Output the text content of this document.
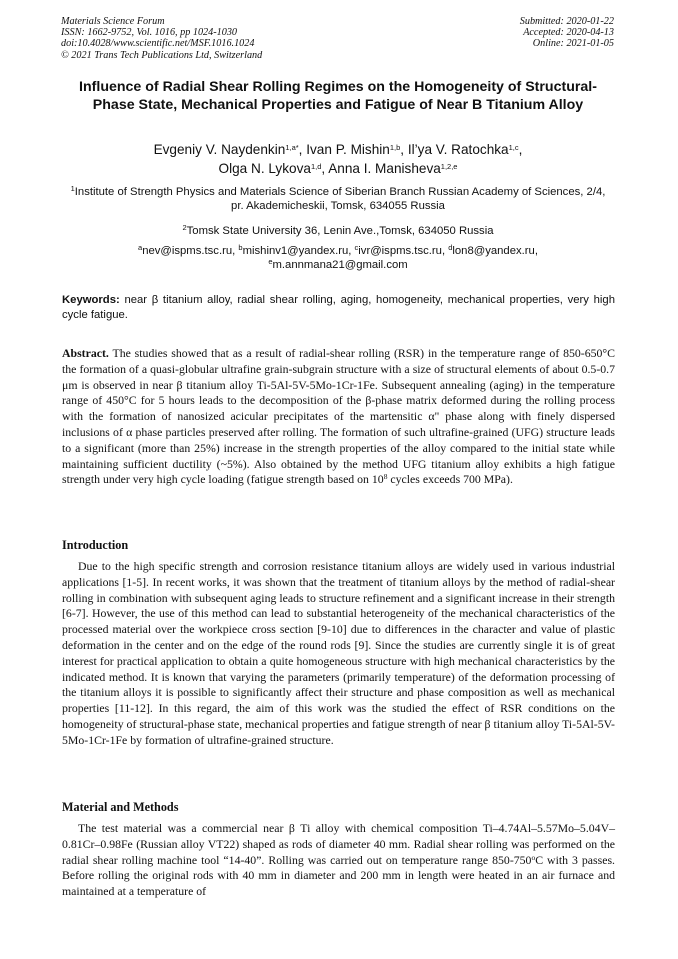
Materials Science Forum
ISSN: 1662-9752, Vol. 1016, pp 1024-1030
doi:10.4028/www.scientific.net/MSF.1016.1024
© 2021 Trans Tech Publications Ltd, Switzerland
Submitted: 2020-01-22
Accepted: 2020-04-13
Online: 2021-01-05
Influence of Radial Shear Rolling Regimes on the Homogeneity of Structural-Phase State, Mechanical Properties and Fatigue of Near B Titanium Alloy
Evgeniy V. Naydenkin$^{1,a*}$, Ivan P. Mishin$^{1,b}$, Il’ya V. Ratochka$^{1,c}$,
Olga N. Lykova$^{1,d}$, Anna I. Manisheva$^{1,2,e}$
$^1$Institute of Strength Physics and Materials Science of Siberian Branch Russian Academy of Sciences, 2/4, pr. Akademicheskii, Tomsk, 634055 Russia
$^2$Tomsk State University 36, Lenin Ave.,Tomsk, 634050 Russia
$^a$nev@ispms.tsc.ru, $^b$mishinv1@yandex.ru, $^c$ivr@ispms.tsc.ru, $^d$lon8@yandex.ru,
$^e$m.annmana21@gmail.com
Keywords: near β titanium alloy, radial shear rolling, aging, homogeneity, mechanical properties, very high cycle fatigue.
Abstract. The studies showed that as a result of radial-shear rolling (RSR) in the temperature range of 850-650°C the formation of a quasi-globular ultrafine grain-subgrain structure with a size of structural elements of about 0.5-0.7 μm is observed in near β titanium alloy Ti-5Al-5V-5Mo-1Cr-1Fe. Subsequent annealing (aging) in the temperature range of 450°C for 5 hours leads to the decomposition of the β-phase matrix deformed during the rolling process with the formation of nanosized acicular precipitates of the martensitic α" phase along with finely dispersed inclusions of α phase particles preserved after rolling. The formation of such ultrafine-grained (UFG) structure leads to a significant (more than 25%) increase in the strength properties of the alloy compared to the initial state while maintaining sufficient ductility (~5%). Also obtained by the method UFG titanium alloy exhibits a high fatigue strength under very high cycle loading (fatigue strength based on $10^8$ cycles exceeds 700 MPa).
Introduction
Due to the high specific strength and corrosion resistance titanium alloys are widely used in various industrial applications [1-5]. In recent works, it was shown that the treatment of titanium alloys by the method of radial-shear rolling in combination with subsequent aging leads to structure refinement and a significant increase in their strength [6-7]. However, the use of this method can lead to substantial heterogeneity of the mechanical characteristics of the processed material over the workpiece cross section [9-10] due to differences in the character and value of plastic deformation in the center and on the edge of the round rods [9]. Since the studies are currently single it is of great interest for practical application to obtain a quite homogeneous structure with high mechanical characteristics by the indicated method. It is known that varying the parameters (primarily temperature) of the deformation processing of the titanium alloys it is possible to significantly affect their structure and phase composition as well as mechanical properties [11-12]. In this regard, the aim of this work was the studied the effect of RSR conditions on the homogeneity of structural-phase state, mechanical properties and fatigue strength of near β titanium alloy Ti-5Al-5V-5Mo-1Cr-1Fe by formation of ultrafine-grained structure.
Material and Methods
The test material was a commercial near β Ti alloy with chemical composition Ti–4.74Al–5.57Mo–5.04V–0.81Cr–0.98Fe (Russian alloy VT22) shaped as rods of diameter 40 mm. Radial shear rolling was performed on the radial shear rolling machine tool “14-40”. Rolling was carried out on temperature range 850-750$^o$C with 3 passes. Before rolling the original rods with 40 mm in diameter and 200 mm in length were heated in an air furnace and maintained at a temperature of
